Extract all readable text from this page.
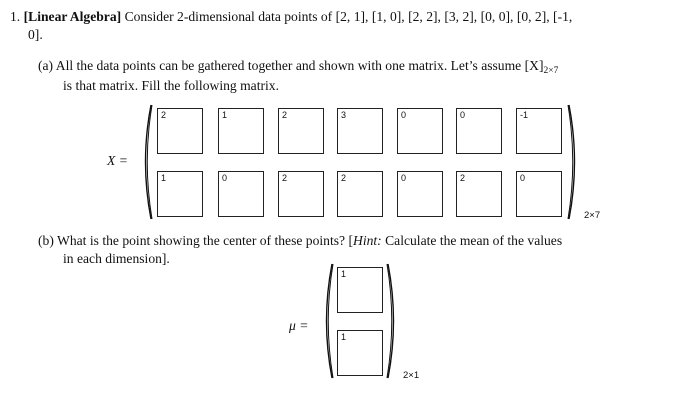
1. [Linear Algebra] Consider 2-dimensional data points of [2, 1], [1, 0], [2, 2], [3, 2], [0, 0], [0, 2], [-1,
0].
(a) All the data points can be gathered together and shown with one matrix. Let’s assume $[X]_{2\times 7}$
is that matrix. Fill the following matrix.
X =
2	1	2	3	0	0	-1
1	0	2	2	0	2	0
2×7
(b) What is the point showing the center of these points? [Hint: Calculate the mean of the values
in each dimension].
μ =
1
1
2×1
